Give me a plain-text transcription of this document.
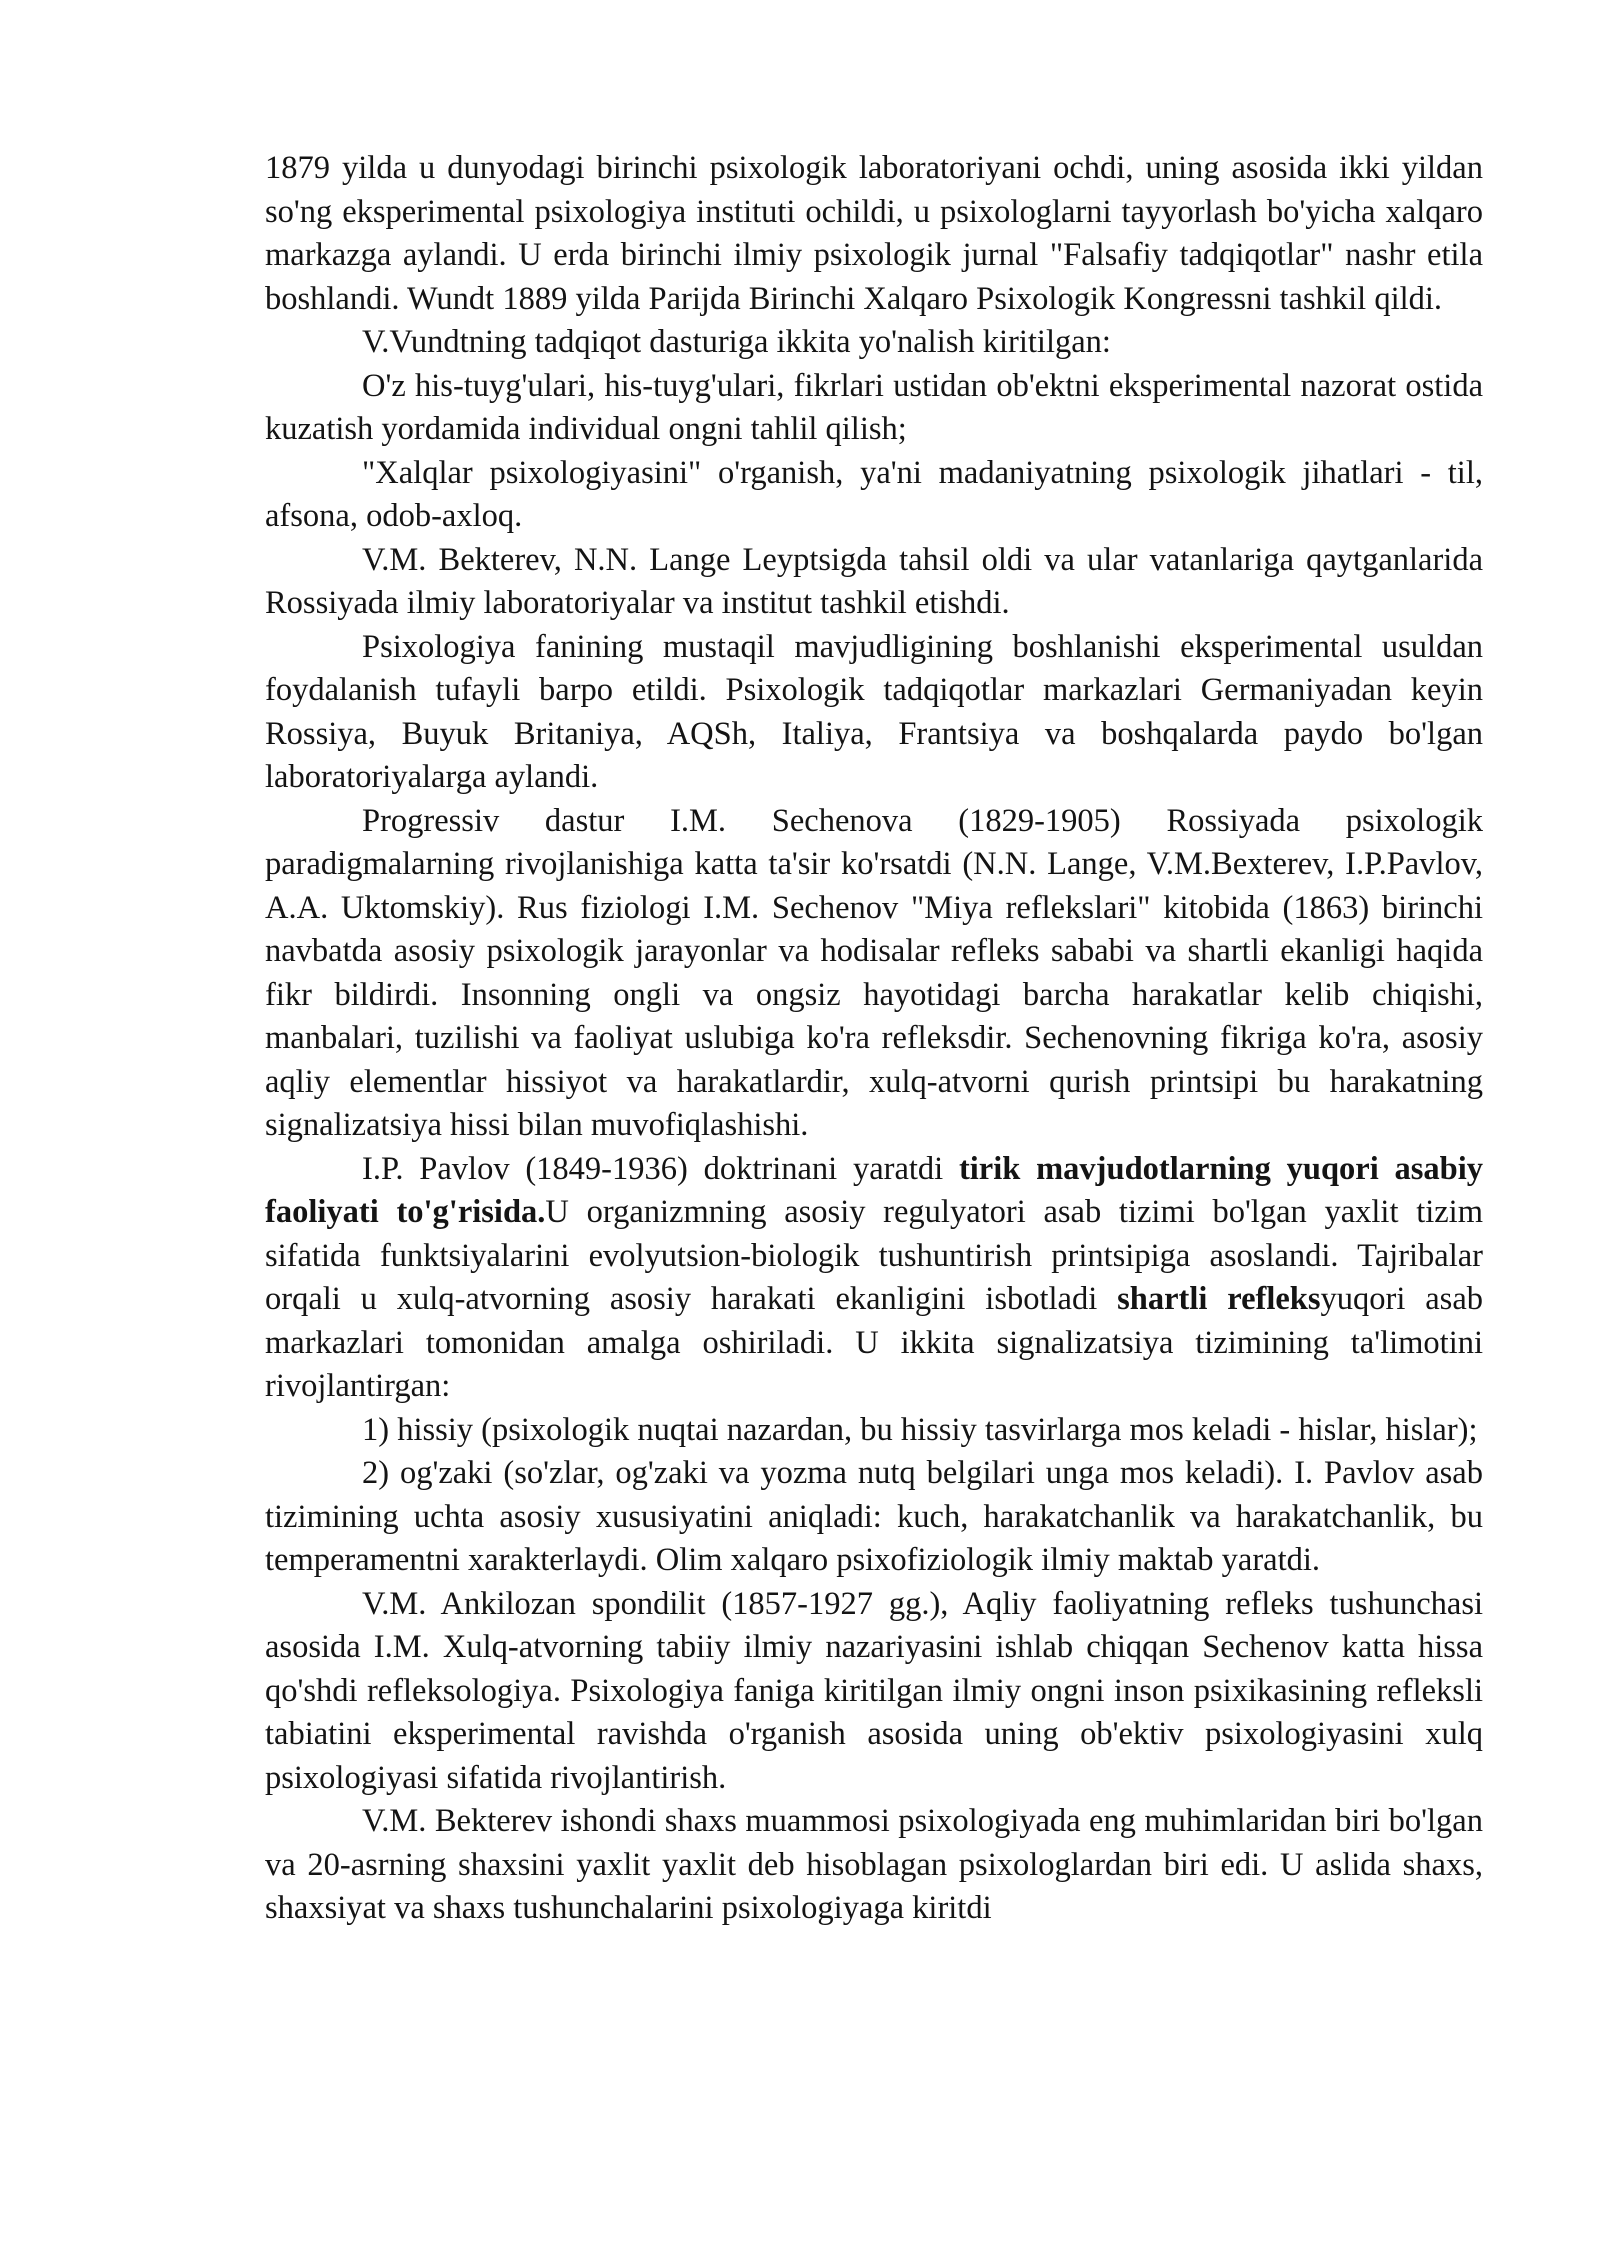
1879 yilda u dunyodagi birinchi psixologik laboratoriyani ochdi, uning asosida ikki yildan so'ng eksperimental psixologiya instituti ochildi, u psixologlarni tayyorlash bo'yicha xalqaro markazga aylandi. U erda birinchi ilmiy psixologik jurnal "Falsafiy tadqiqotlar" nashr etila boshlandi. Wundt 1889 yilda Parijda Birinchi Xalqaro Psixologik Kongressni tashkil qildi.

V.Vundtning tadqiqot dasturiga ikkita yo'nalish kiritilgan:

O'z his-tuyg'ulari, his-tuyg'ulari, fikrlari ustidan ob'ektni eksperimental nazorat ostida kuzatish yordamida individual ongni tahlil qilish;

"Xalqlar psixologiyasini" o'rganish, ya'ni madaniyatning psixologik jihatlari - til, afsona, odob-axloq.

V.M. Bekterev, N.N. Lange Leyptsigda tahsil oldi va ular vatanlariga qaytganlarida Rossiyada ilmiy laboratoriyalar va institut tashkil etishdi.

Psixologiya fanining mustaqil mavjudligining boshlanishi eksperimental usuldan foydalanish tufayli barpo etildi. Psixologik tadqiqotlar markazlari Germaniyadan keyin Rossiya, Buyuk Britaniya, AQSh, Italiya, Frantsiya va boshqalarda paydo bo'lgan laboratoriyalarga aylandi.

Progressiv dastur I.M. Sechenova (1829-1905) Rossiyada psixologik paradigmalarning rivojlanishiga katta ta'sir ko'rsatdi (N.N. Lange, V.M.Bexterev, I.P.Pavlov, A.A. Uktomskiy). Rus fiziologi I.M. Sechenov "Miya reflekslari" kitobida (1863) birinchi navbatda asosiy psixologik jarayonlar va hodisalar refleks sababi va shartli ekanligi haqida fikr bildirdi. Insonning ongli va ongsiz hayotidagi barcha harakatlar kelib chiqishi, manbalari, tuzilishi va faoliyat uslubiga ko'ra refleksdir. Sechenovning fikriga ko'ra, asosiy aqliy elementlar hissiyot va harakatlardir, xulq-atvorni qurish printsipi bu harakatning signalizatsiya hissi bilan muvofiqlashishi.

I.P. Pavlov (1849-1936) doktrinani yaratdi tirik mavjudotlarning yuqori asabiy faoliyati to'g'risida.U organizmning asosiy regulyatori asab tizimi bo'lgan yaxlit tizim sifatida funktsiyalarini evolyutsion-biologik tushuntirish printsipiga asoslandi. Tajribalar orqali u xulq-atvorning asosiy harakati ekanligini isbotladi shartli refleksyuqori asab markazlari tomonidan amalga oshiriladi. U ikkita signalizatsiya tizimining ta'limotini rivojlantirgan:

1) hissiy (psixologik nuqtai nazardan, bu hissiy tasvirlarga mos keladi - hislar, hislar);

2) og'zaki (so'zlar, og'zaki va yozma nutq belgilari unga mos keladi). I. Pavlov asab tizimining uchta asosiy xususiyatini aniqladi: kuch, harakatchanlik va harakatchanlik, bu temperamentni xarakterlaydi. Olim xalqaro psixofiziologik ilmiy maktab yaratdi.

V.M. Ankilozan spondilit (1857-1927 gg.), Aqliy faoliyatning refleks tushunchasi asosida I.M. Xulq-atvorning tabiiy ilmiy nazariyasini ishlab chiqqan Sechenov katta hissa qo'shdi refleksologiya. Psixologiya faniga kiritilgan ilmiy ongni inson psixikasining refleksli tabiatini eksperimental ravishda o'rganish asosida uning ob'ektiv psixologiyasini xulq psixologiyasi sifatida rivojlantirish.

V.M. Bekterev ishondi shaxs muammosi psixologiyada eng muhimlaridan biri bo'lgan va 20-asrning shaxsini yaxlit yaxlit deb hisoblagan psixologlardan biri edi. U aslida shaxs, shaxsiyat va shaxs tushunchalarini psixologiyaga kiritdi
